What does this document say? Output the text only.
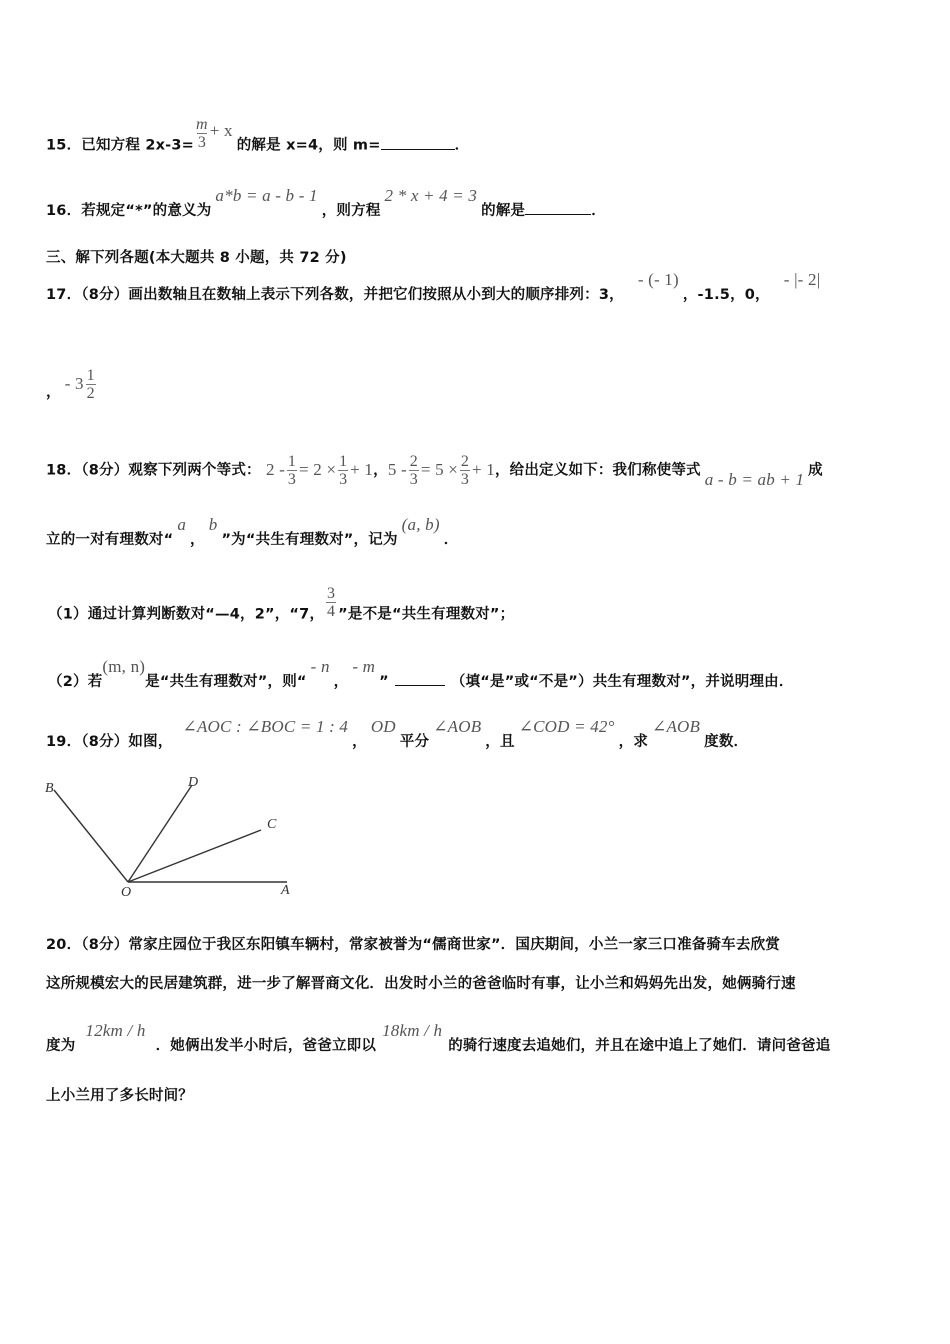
15．已知方程 $2x-3= \frac{m}{3} + x$的解是 x=4，则 m=	．
16．若规定“*”的意义为a*b = a - b - 1，则方程2 * x + 4 = 3的解是	．
三、解下列各题(本大题共 8 小题，共 72 分)
17．（8分）画出数轴且在数轴上表示下列各数，并把它们按照从小到大的顺序排列：3，- (- 1)，-1.5，0，- |- 2|
， - $3 \frac{1}{2}$
18．（8分）观察下列两个等式： $2 - \frac{1}{3} = 2 \times \frac{1}{3} + 1$，$5 - \frac{2}{3} = 5 \times \frac{2}{3} + 1$，给出定义如下：我们称使等式 a - b = ab + 1 成
立的一对有理数对“a，b”为“共生有理数对”，记为(a, b)．
（1）通过计算判断数对“—4，2”，“7， $\frac{3}{4}$ ”是不是“共生有理数对”；
（2）若(m, n)是“共生有理数对”，则“- n，- m”	（填“是”或“不是”）共生有理数对”，并说明理由．
19．（8分）如图，∠AOC : ∠BOC = 1 : 4，OD平分∠AOB，且∠COD = 42°，求∠AOB度数．
B	D
C
O	A
20．（8分）常家庄园位于我区东阳镇车辆村，常家被誉为“儒商世家”．国庆期间，小兰一家三口准备骑车去欣赏
这所规模宏大的民居建筑群，进一步了解晋商文化．出发时小兰的爸爸临时有事，让小兰和妈妈先出发，她俩骑行速
度为12km / h．她俩出发半小时后，爸爸立即以18km / h的骑行速度去追她们，并且在途中追上了她们．请问爸爸追
上小兰用了多长时间？
